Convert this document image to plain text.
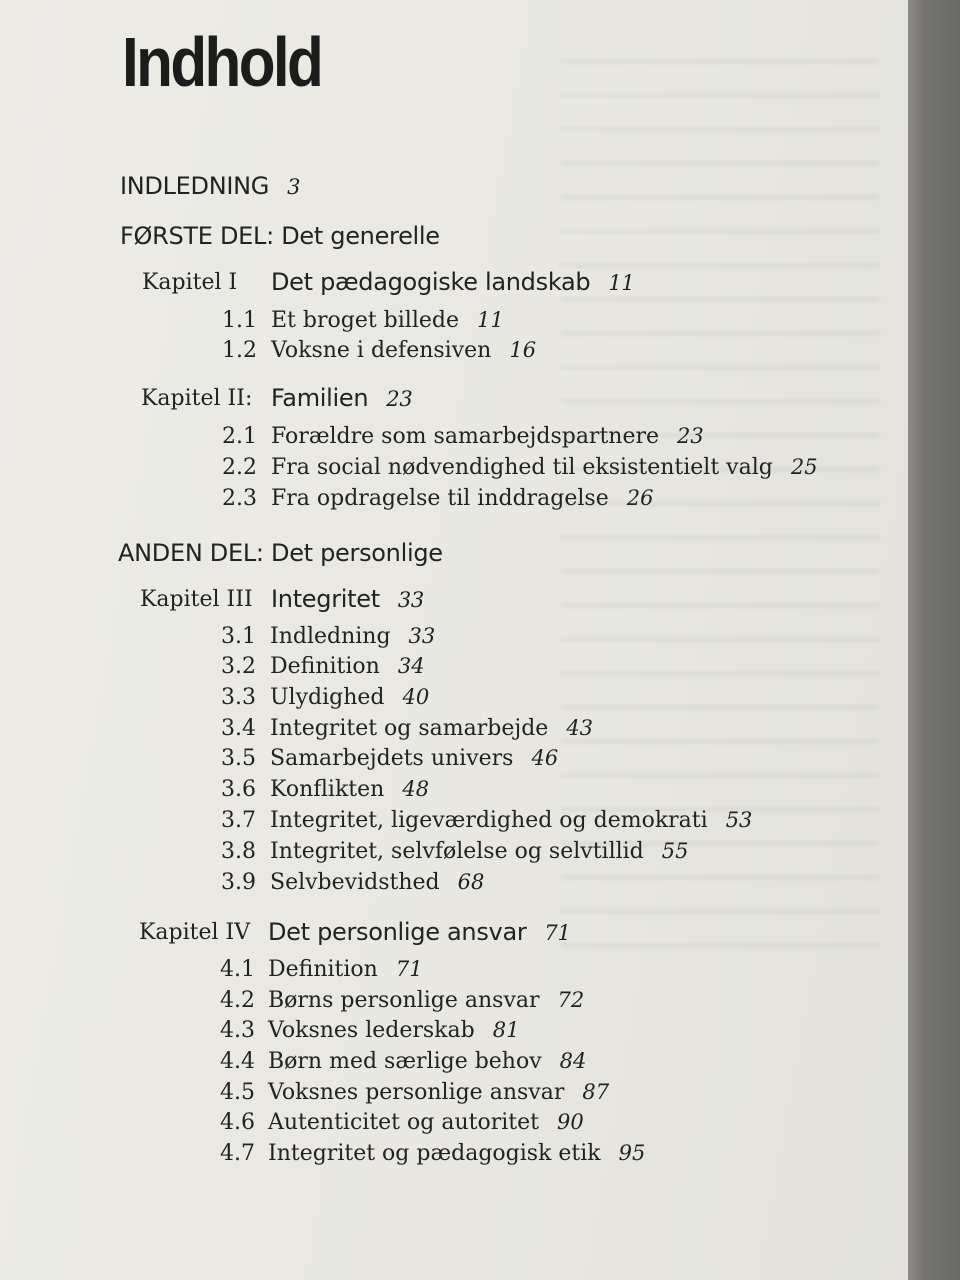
Indhold
INDLEDNING 3
FØRSTE DEL: Det generelle
Kapitel I Det pædagogiske landskab 11
1.1 Et broget billede 11
1.2 Voksne i defensiven 16
Kapitel II: Familien 23
2.1 Forældre som samarbejdspartnere 23
2.2 Fra social nødvendighed til eksistentielt valg 25
2.3 Fra opdragelse til inddragelse 26
ANDEN DEL: Det personlige
Kapitel III Integritet 33
3.1 Indledning 33
3.2 Definition 34
3.3 Ulydighed 40
3.4 Integritet og samarbejde 43
3.5 Samarbejdets univers 46
3.6 Konflikten 48
3.7 Integritet, ligeværdighed og demokrati 53
3.8 Integritet, selvfølelse og selvtillid 55
3.9 Selvbevidsthed 68
Kapitel IV Det personlige ansvar 71
4.1 Definition 71
4.2 Børns personlige ansvar 72
4.3 Voksnes lederskab 81
4.4 Børn med særlige behov 84
4.5 Voksnes personlige ansvar 87
4.6 Autenticitet og autoritet 90
4.7 Integritet og pædagogisk etik 95
